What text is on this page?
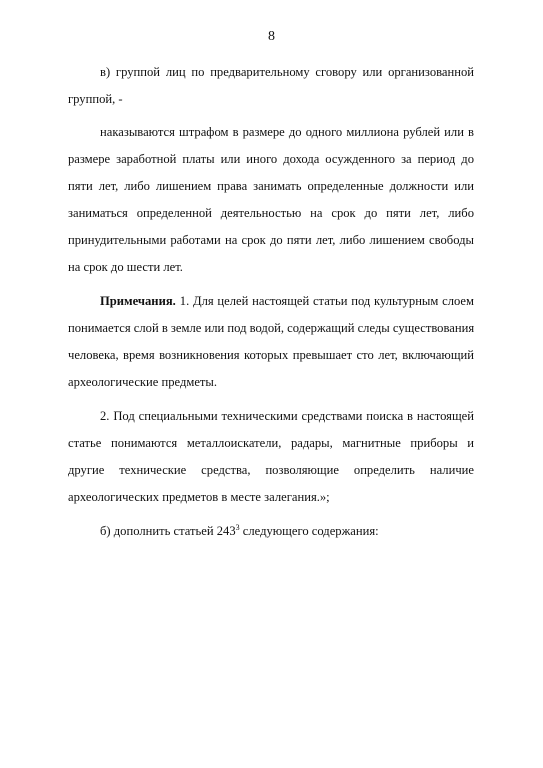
8
в) группой лиц по предварительному сговору или организованной
группой, -
наказываются штрафом в размере до одного миллиона рублей или в
размере заработной платы или иного дохода осужденного за период до
пяти лет, либо лишением права занимать определенные должности или
заниматься определенной деятельностью на срок до пяти лет, либо
принудительными работами на срок до пяти лет, либо лишением свободы
на срок до шести лет.
Примечания. 1. Для целей настоящей статьи под культурным слоем
понимается слой в земле или под водой, содержащий следы существования
человека, время возникновения которых превышает сто лет, включающий
археологические предметы.
2. Под специальными техническими средствами поиска в настоящей
статье понимаются металлоискатели, радары, магнитные приборы и
другие технические средства, позволяющие определить наличие
археологических предметов в месте залегания.»;
б) дополнить статьей $243^3$ следующего содержания:
